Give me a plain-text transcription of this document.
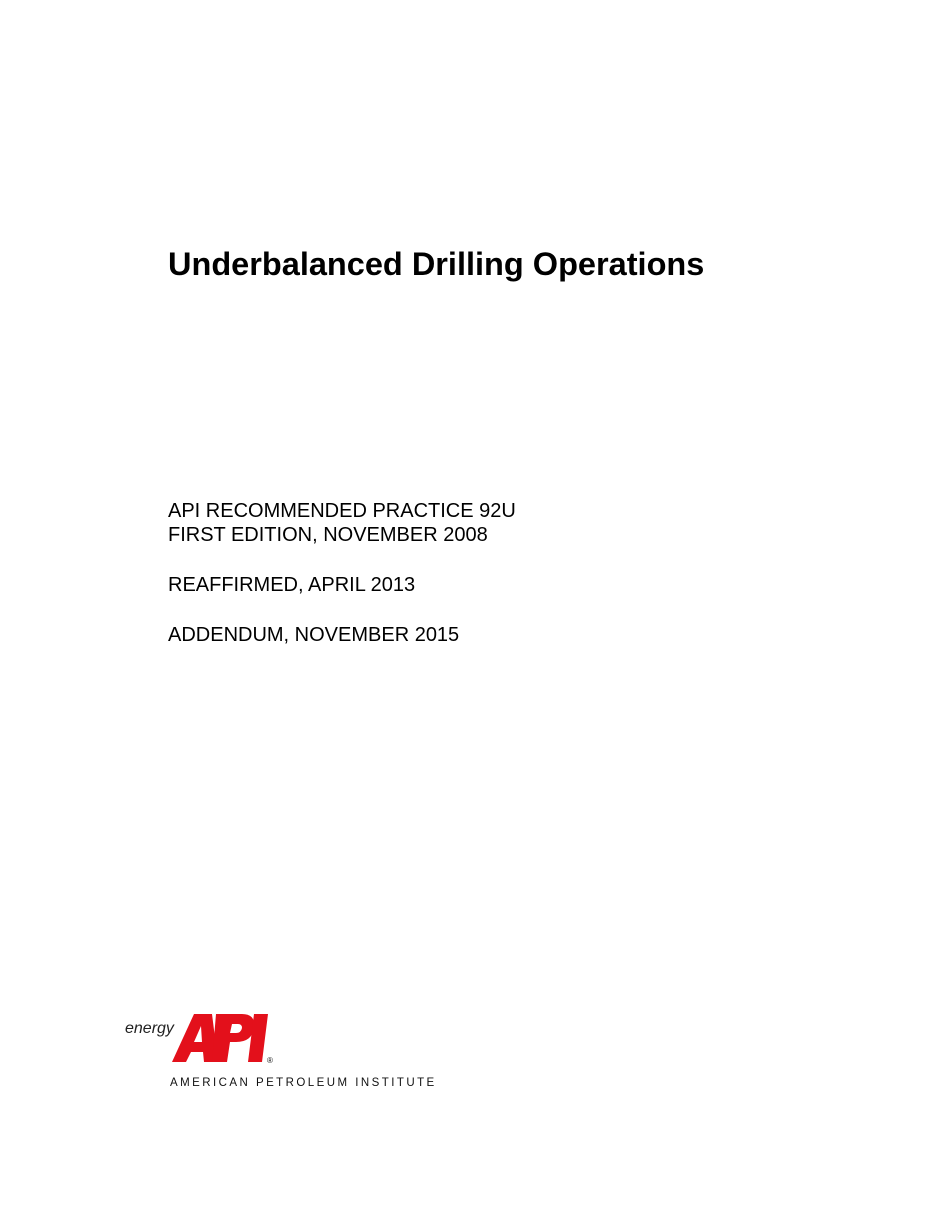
Underbalanced Drilling Operations

API RECOMMENDED PRACTICE 92U

FIRST EDITION, NOVEMBER 2008

REAFFIRMED, APRIL 2013

ADDENDUM, NOVEMBER 2015

energy
®
AMERICAN PETROLEUM INSTITUTE
